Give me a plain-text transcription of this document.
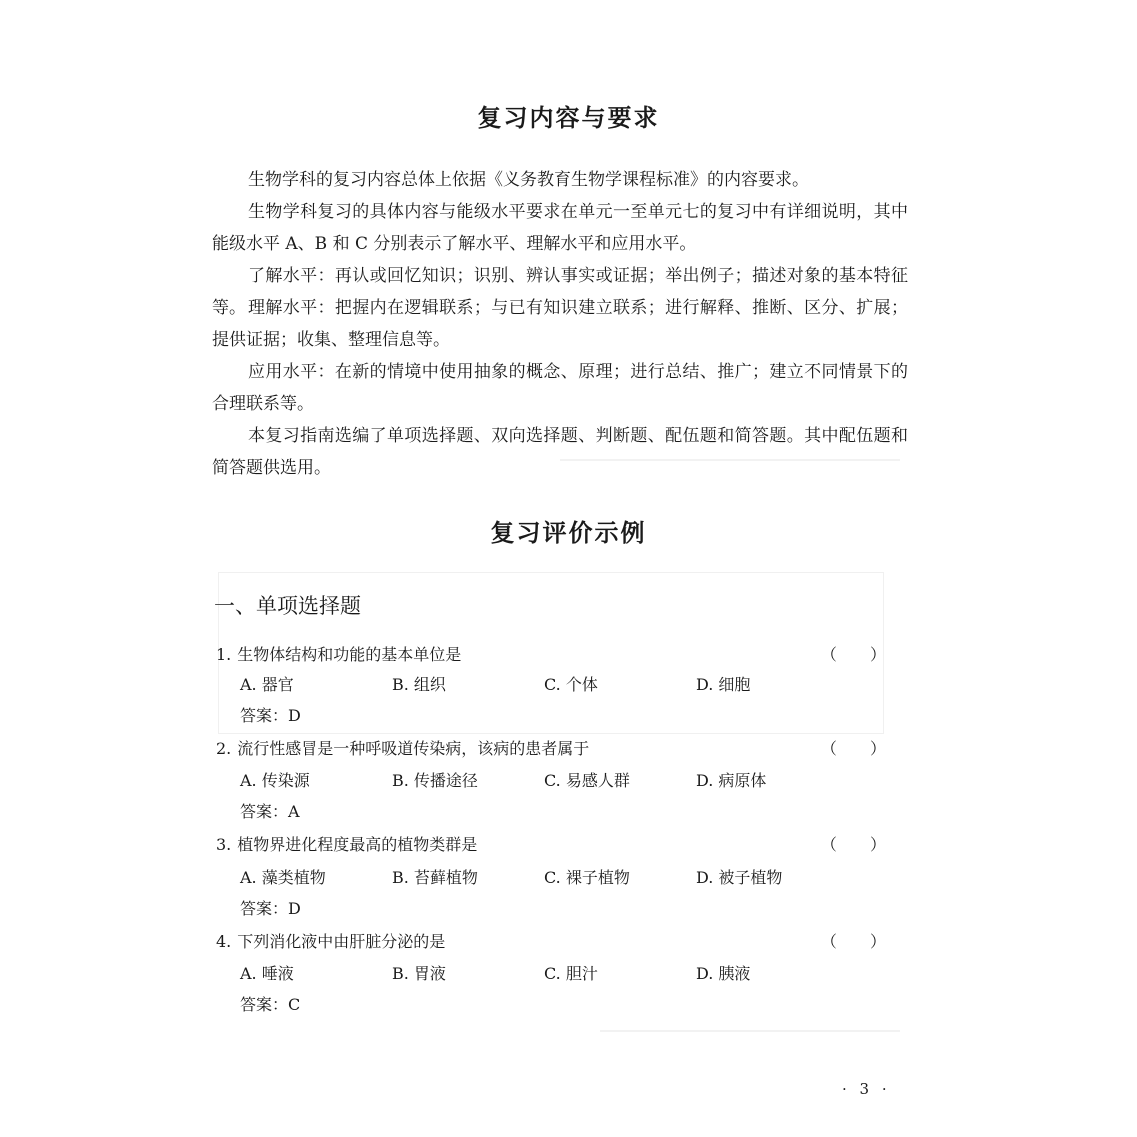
复习内容与要求

生物学科的复习内容总体上依据《义务教育生物学课程标准》的内容要求。

生物学科复习的具体内容与能级水平要求在单元一至单元七的复习中有详细说明，其中能级水平 A、B 和 C 分别表示了解水平、理解水平和应用水平。

了解水平：再认或回忆知识；识别、辨认事实或证据；举出例子；描述对象的基本特征等。 理解水平：把握内在逻辑联系；与已有知识建立联系；进行解释、推断、区分、扩展；提供证据；收集、整理信息等。

应用水平：在新的情境中使用抽象的概念、原理；进行总结、推广；建立不同情景下的合理联系等。

本复习指南选编了单项选择题、双向选择题、判断题、配伍题和简答题。其中配伍题和简答题供选用。

复习评价示例
一、单项选择题
1. 生物体结构和功能的基本单位是	（ ）
A. 器官	B. 组织	C. 个体	D. 细胞
答案：D
2. 流行性感冒是一种呼吸道传染病，该病的患者属于	（ ）
A. 传染源	B. 传播途径	C. 易感人群	D. 病原体
答案：A
3. 植物界进化程度最高的植物类群是	（ ）
A. 藻类植物	B. 苔藓植物	C. 裸子植物	D. 被子植物
答案：D
4. 下列消化液中由肝脏分泌的是	（ ）
A. 唾液	B. 胃液	C. 胆汁	D. 胰液
答案：C
· 3 ·
